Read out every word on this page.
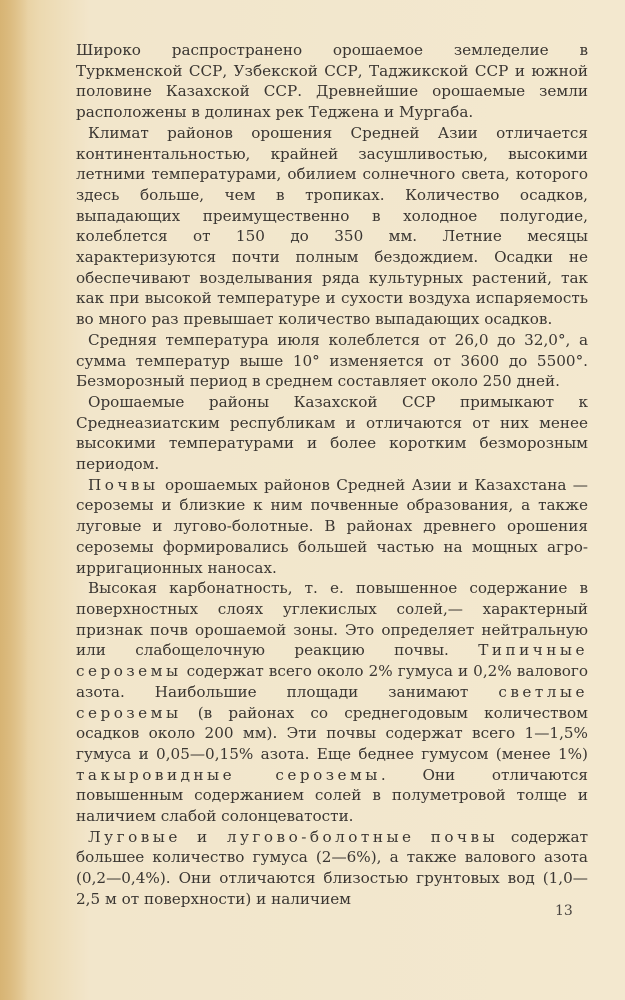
Широко распространено орошаемое земледелие в Туркменской ССР, Узбекской ССР, Таджикской ССР и южной половине Казахской ССР. Древнейшие орошаемые земли расположены в долинах рек Теджена и Мургаба.

Климат районов орошения Средней Азии отличается континентальностью, крайней засушливостью, высокими летними температурами, обилием солнечного света, которого здесь больше, чем в тропиках. Количество осадков, выпадающих преимущественно в холодное полугодие, колеблется от 150 до 350 мм. Летние месяцы характеризуются почти полным бездождием. Осадки не обеспечивают возделывания ряда культурных растений, так как при высокой температуре и сухости воздуха испаряемость во много раз превышает количество выпадающих осадков.

Средняя температура июля колеблется от 26,0 до 32,0°, а сумма температур выше 10° изменяется от 3600 до 5500°. Безморозный период в среднем составляет около 250 дней.

Орошаемые районы Казахской ССР примыкают к Среднеазиатским республикам и отличаются от них менее высокими температурами и более коротким безморозным периодом.

Почвы орошаемых районов Средней Азии и Казахстана — сероземы и близкие к ним почвенные образования, а также луговые и лугово-болотные. В районах древнего орошения сероземы формировались большей частью на мощных агро-ирригационных наносах.

Высокая карбонатность, т. е. повышенное содержание в поверхностных слоях углекислых солей,— характерный признак почв орошаемой зоны. Это определяет нейтральную или слабощелочную реакцию почвы. Типичные сероземы содержат всего около 2% гумуса и 0,2% валового азота. Наибольшие площади занимают светлые сероземы (в районах со среднегодовым количеством осадков около 200 мм). Эти почвы содержат всего 1—1,5% гумуса и 0,05—0,15% азота. Еще беднее гумусом (менее 1%) такыровидные сероземы. Они отличаются повышенным содержанием солей в полуметровой толще и наличием слабой солонцеватости.

Луговые и лугово-болотные почвы содержат большее количество гумуса (2—6%), а также валового азота (0,2—0,4%). Они отличаются близостью грунтовых вод (1,0—2,5 м от поверхности) и наличием

13
